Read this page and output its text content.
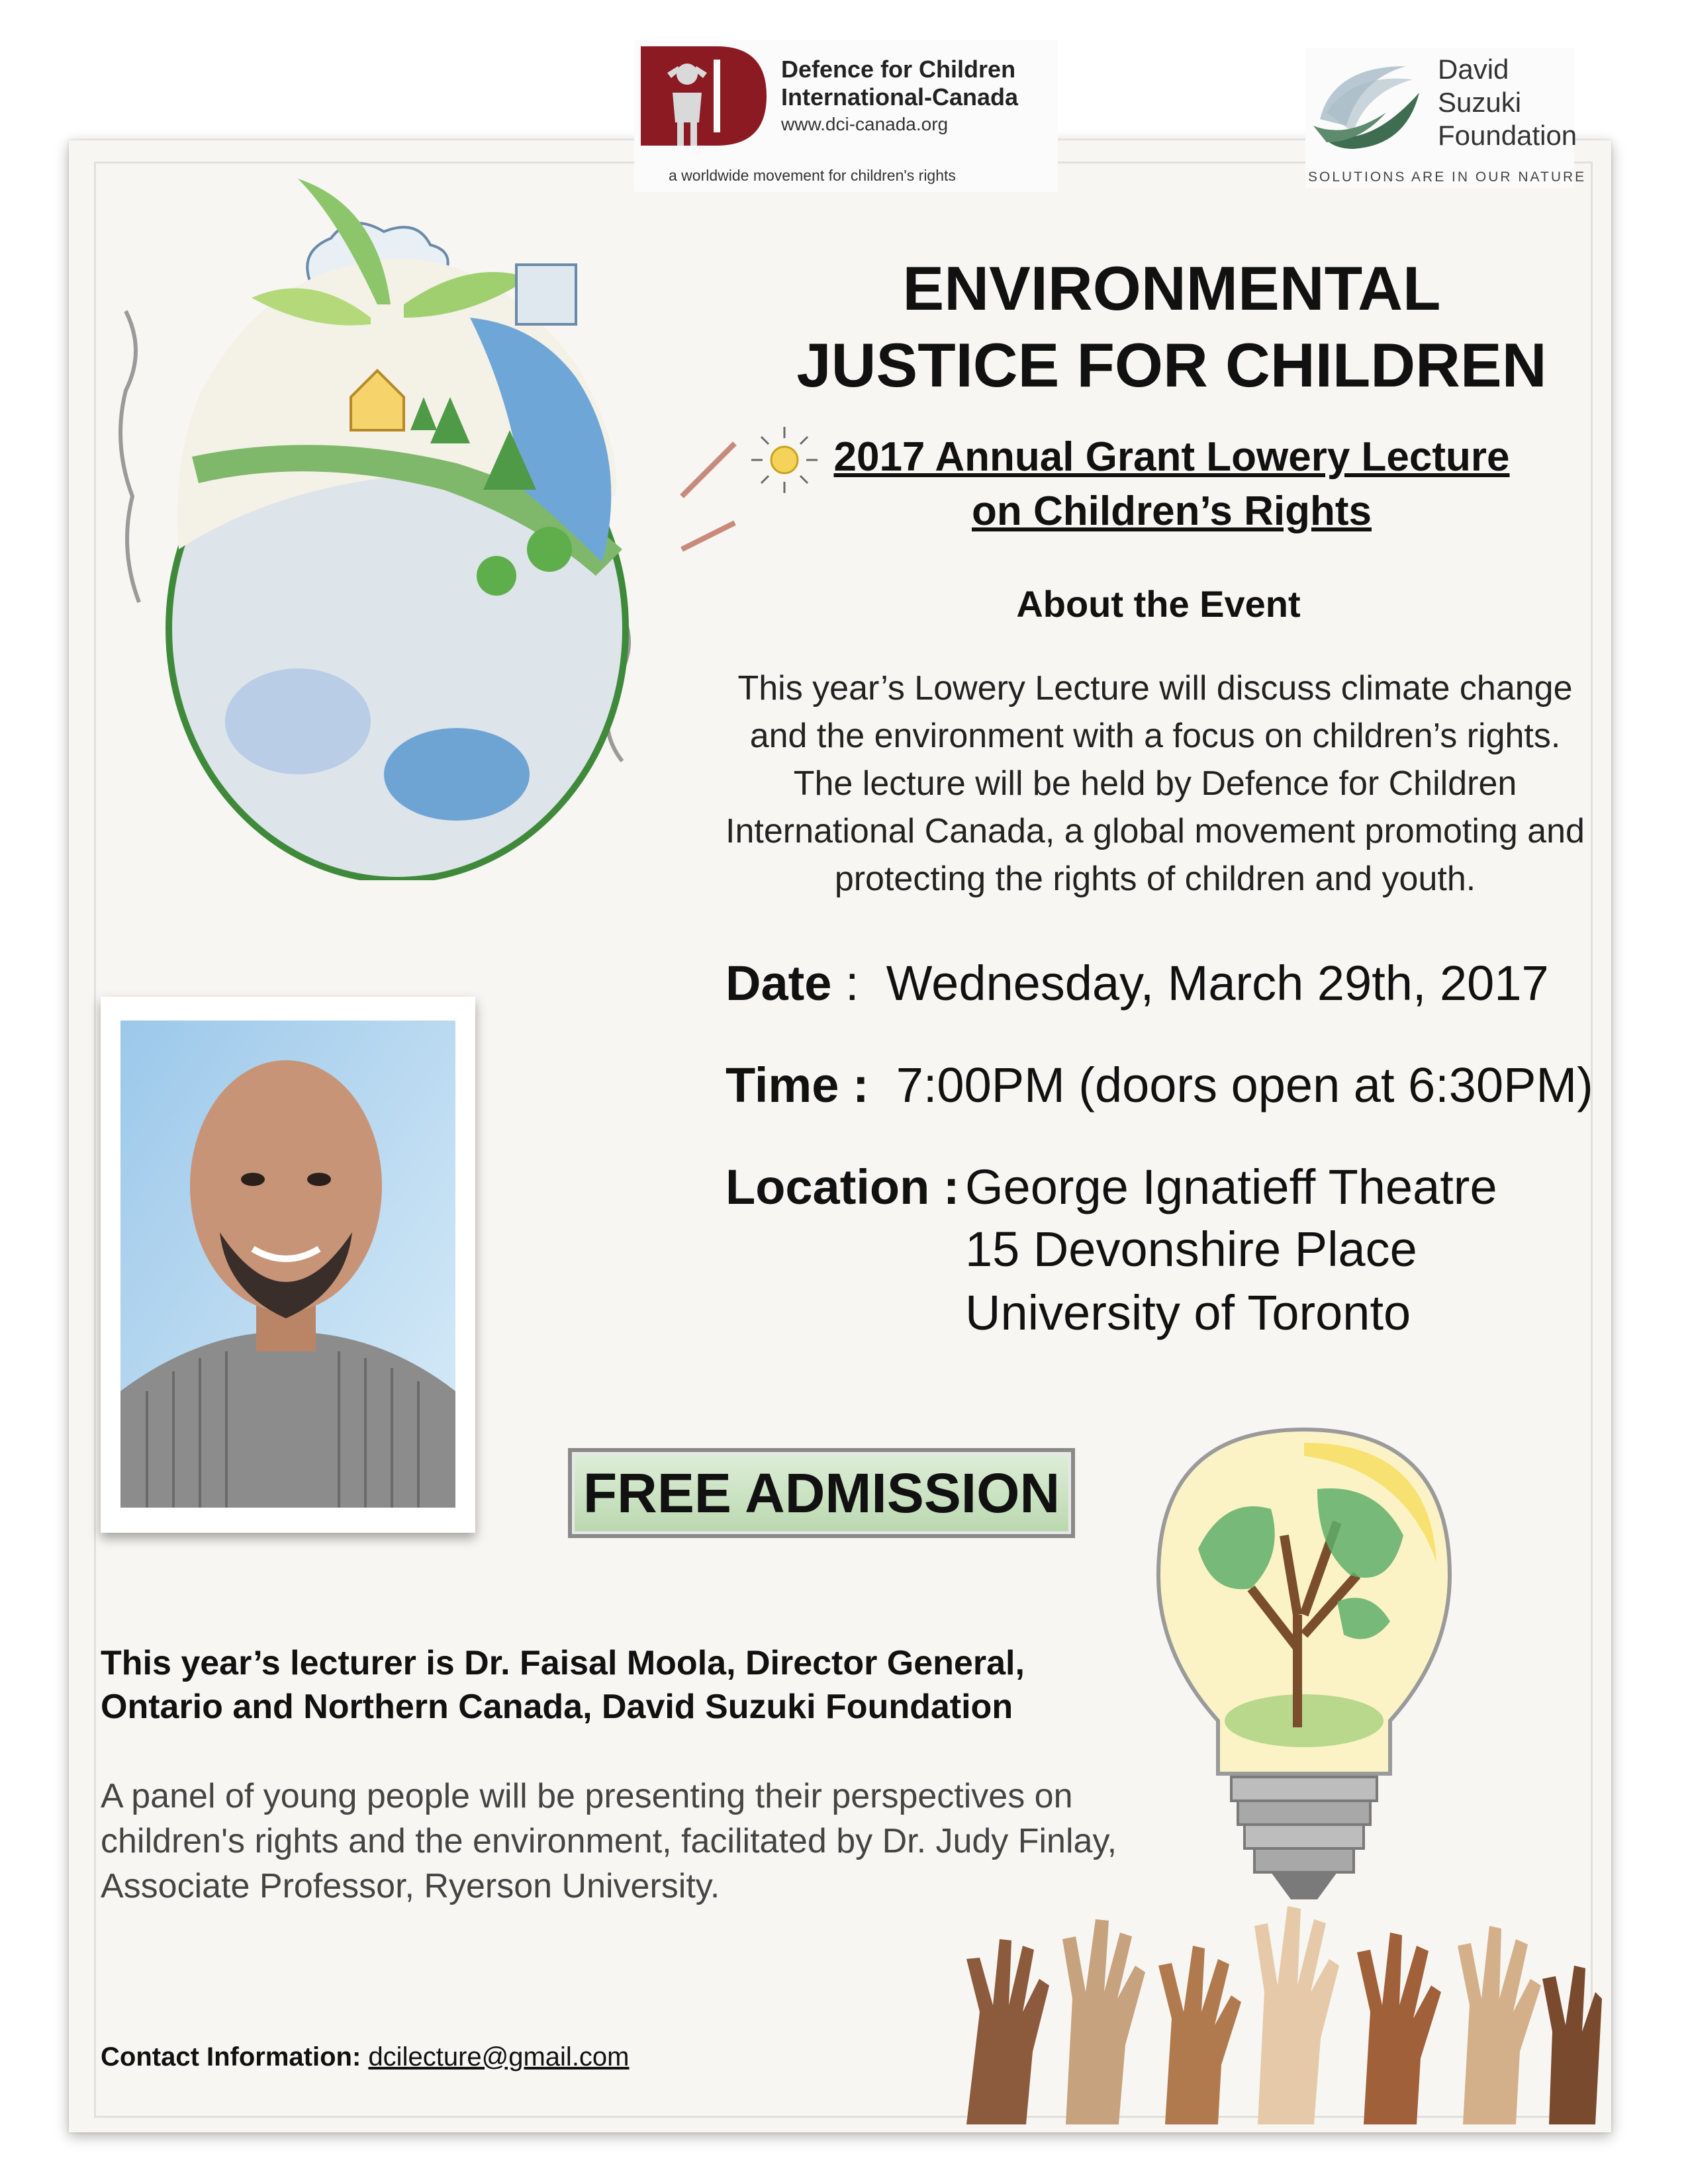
Defence for Children
International-Canada
www.dci-canada.org
a worldwide movement for children's rights
David
Suzuki
Foundation
SOLUTIONS ARE IN OUR NATURE
ENVIRONMENTAL
JUSTICE FOR CHILDREN
2017 Annual Grant Lowery Lecture
on Children’s Rights
About the Event
This year’s Lowery Lecture will discuss climate change
and the environment with a focus on children’s rights.
The lecture will be held by Defence for Children
International Canada, a global movement promoting and
protecting the rights of children and youth.
Date :  Wednesday, March 29th, 2017
Time : 7:00PM (doors open at 6:30PM)
Location : George Ignatieff Theatre
15 Devonshire Place
University of Toronto
FREE ADMISSION
This year’s lecturer is Dr. Faisal Moola, Director General,
Ontario and Northern Canada, David Suzuki Foundation
A panel of young people will be presenting their perspectives on
children's rights and the environment, facilitated by Dr. Judy Finlay,
Associate Professor, Ryerson University.
Contact Information: dcilecture@gmail.com
